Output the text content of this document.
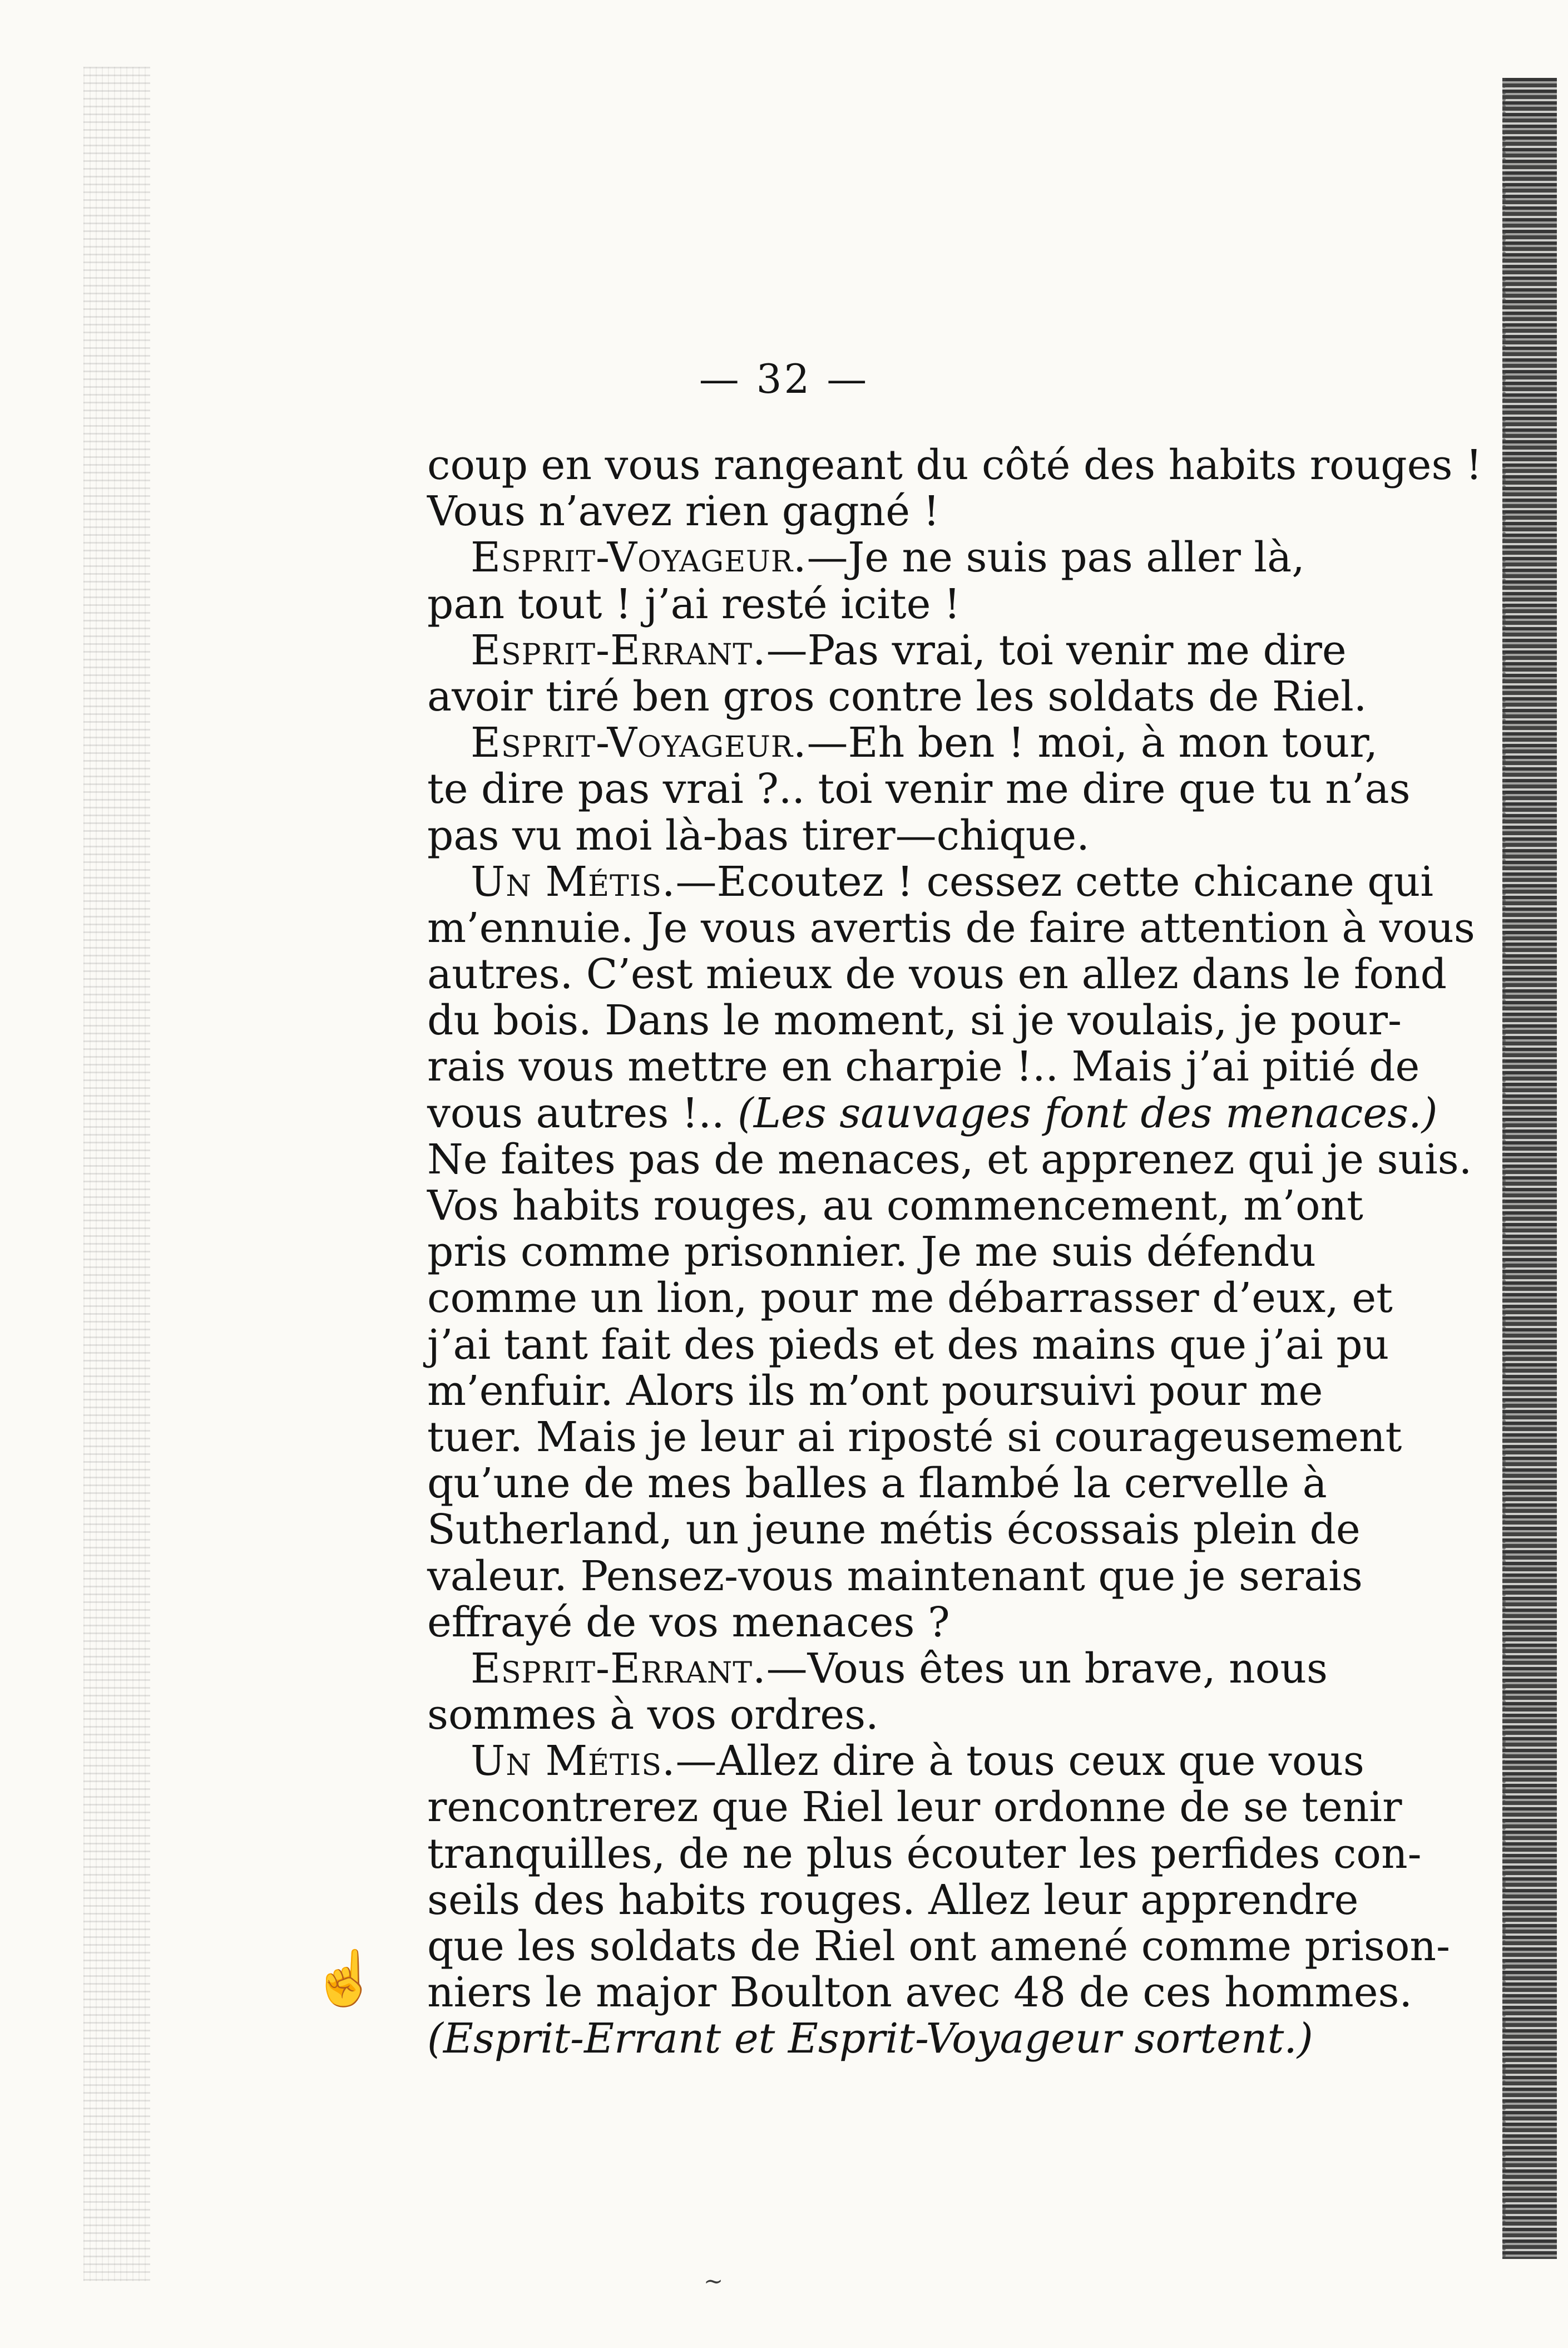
— 32 —
coup en vous rangeant du côté des habits rouges !
Vous n’avez rien gagné !
Esprit-Voyageur.—Je ne suis pas aller là,
pan tout ! j’ai resté icite !
Esprit-Errant.—Pas vrai, toi venir me dire
avoir tiré ben gros contre les soldats de Riel.
Esprit-Voyageur.—Eh ben ! moi, à mon tour,
te dire pas vrai ?.. toi venir me dire que tu n’as
pas vu moi là-bas tirer—chique.
Un Métis.—Ecoutez ! cessez cette chicane qui
m’ennuie. Je vous avertis de faire attention à vous
autres. C’est mieux de vous en allez dans le fond
du bois. Dans le moment, si je voulais, je pour-
rais vous mettre en charpie !.. Mais j’ai pitié de
vous autres !.. (Les sauvages font des menaces.)
Ne faites pas de menaces, et apprenez qui je suis.
Vos habits rouges, au commencement, m’ont
pris comme prisonnier. Je me suis défendu
comme un lion, pour me débarrasser d’eux, et
j’ai tant fait des pieds et des mains que j’ai pu
m’enfuir. Alors ils m’ont poursuivi pour me
tuer. Mais je leur ai riposté si courageusement
qu’une de mes balles a flambé la cervelle à
Sutherland, un jeune métis écossais plein de
valeur. Pensez-vous maintenant que je serais
effrayé de vos menaces ?
Esprit-Errant.—Vous êtes un brave, nous
sommes à vos ordres.
Un Métis.—Allez dire à tous ceux que vous
rencontrerez que Riel leur ordonne de se tenir
tranquilles, de ne plus écouter les perfides con-
seils des habits rouges. Allez leur apprendre
que les soldats de Riel ont amené comme prison-
niers le major Boulton avec 48 de ces hommes.
(Esprit-Errant et Esprit-Voyageur sortent.)
☝
~
